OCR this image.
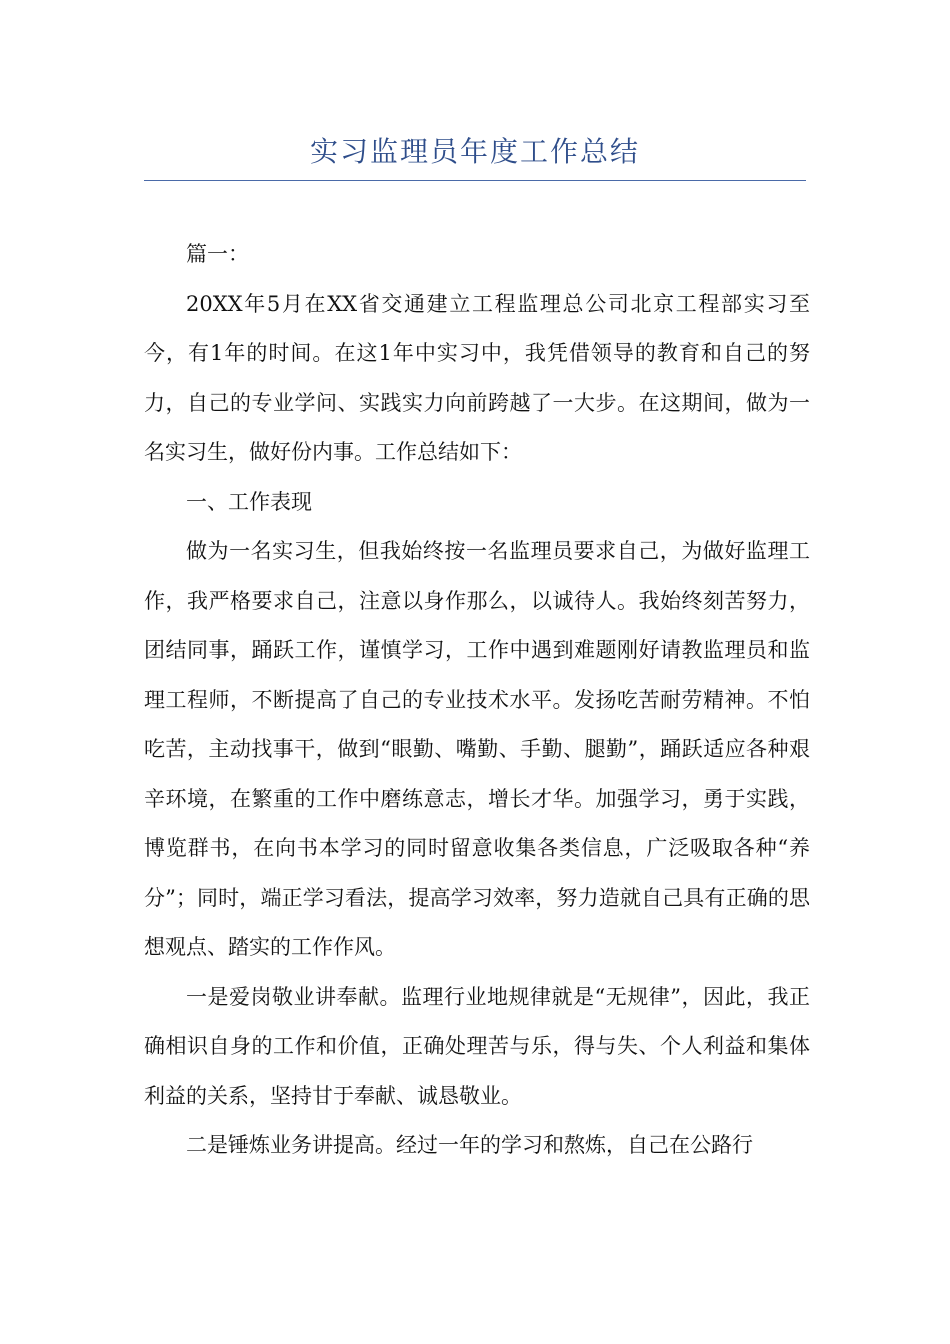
实习监理员年度工作总结

篇一：

20XX年5月在XX省交通建立工程监理总公司北京工程部实习至今，有1年的时间。在这1年中实习中，我凭借领导的教育和自己的努力，自己的专业学问、实践实力向前跨越了一大步。在这期间，做为一名实习生，做好份内事。工作总结如下：

一、工作表现

做为一名实习生，但我始终按一名监理员要求自己，为做好监理工作，我严格要求自己，注意以身作那么，以诚待人。我始终刻苦努力，团结同事，踊跃工作，谨慎学习，工作中遇到难题刚好请教监理员和监理工程师，不断提高了自己的专业技术水平。发扬吃苦耐劳精神。不怕吃苦，主动找事干，做到“眼勤、嘴勤、手勤、腿勤”，踊跃适应各种艰辛环境，在繁重的工作中磨练意志，增长才华。加强学习，勇于实践，博览群书，在向书本学习的同时留意收集各类信息，广泛吸取各种“养分”；同时，端正学习看法，提高学习效率，努力造就自己具有正确的思想观点、踏实的工作作风。

一是爱岗敬业讲奉献。监理行业地规律就是“无规律”，因此，我正确相识自身的工作和价值，正确处理苦与乐，得与失、个人利益和集体利益的关系，坚持甘于奉献、诚恳敬业。

二是锤炼业务讲提高。经过一年的学习和熬炼，自己在公路行
